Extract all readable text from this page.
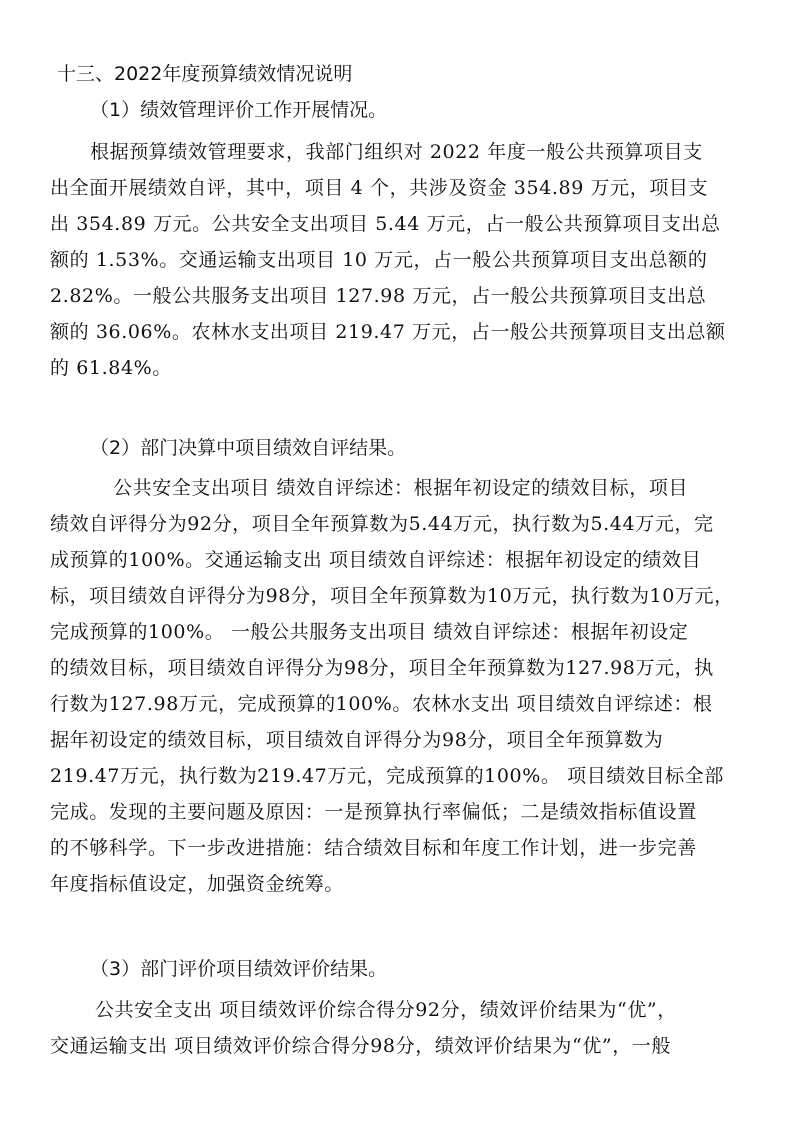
十三、2022年度预算绩效情况说明
（1）绩效管理评价工作开展情况。
根据预算绩效管理要求，我部门组织对 2022 年度一般公共预算项目支
出全面开展绩效自评，其中，项目 4 个，共涉及资金 354.89 万元，项目支
出 354.89 万元。公共安全支出项目 5.44 万元，占一般公共预算项目支出总
额的 1.53%。交通运输支出项目 10 万元，占一般公共预算项目支出总额的
2.82%。一般公共服务支出项目 127.98 万元，占一般公共预算项目支出总
额的 36.06%。农林水支出项目 219.47 万元，占一般公共预算项目支出总额
的 61.84%。
（2）部门决算中项目绩效自评结果。
公共安全支出项目 绩效自评综述：根据年初设定的绩效目标，项目
绩效自评得分为92分，项目全年预算数为5.44万元，执行数为5.44万元，完
成预算的100%。交通运输支出 项目绩效自评综述：根据年初设定的绩效目
标，项目绩效自评得分为98分，项目全年预算数为10万元，执行数为10万元，
完成预算的100%。 一般公共服务支出项目 绩效自评综述：根据年初设定
的绩效目标，项目绩效自评得分为98分，项目全年预算数为127.98万元，执
行数为127.98万元，完成预算的100%。农林水支出 项目绩效自评综述：根
据年初设定的绩效目标，项目绩效自评得分为98分，项目全年预算数为
219.47万元，执行数为219.47万元，完成预算的100%。 项目绩效目标全部
完成。发现的主要问题及原因：一是预算执行率偏低；二是绩效指标值设置
的不够科学。下一步改进措施：结合绩效目标和年度工作计划，进一步完善
年度指标值设定，加强资金统筹。
（3）部门评价项目绩效评价结果。
公共安全支出 项目绩效评价综合得分92分，绩效评价结果为“优”，
交通运输支出 项目绩效评价综合得分98分，绩效评价结果为“优”，一般
